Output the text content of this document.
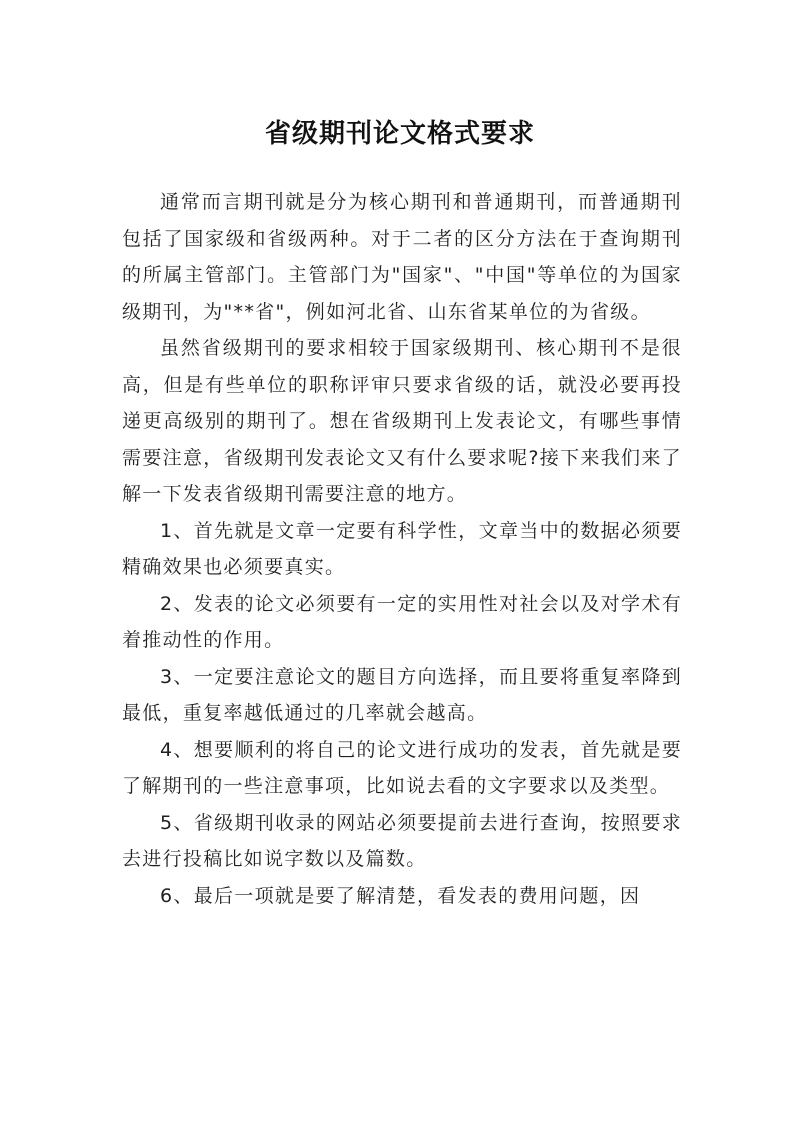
省级期刊论文格式要求

通常而言期刊就是分为核心期刊和普通期刊，而普通期刊包括了国家级和省级两种。对于二者的区分方法在于查询期刊的所属主管部门。主管部门为"国家"、"中国"等单位的为国家级期刊，为"**省"，例如河北省、山东省某单位的为省级。

虽然省级期刊的要求相较于国家级期刊、核心期刊不是很高，但是有些单位的职称评审只要求省级的话，就没必要再投递更高级别的期刊了。想在省级期刊上发表论文，有哪些事情需要注意，省级期刊发表论文又有什么要求呢?接下来我们来了解一下发表省级期刊需要注意的地方。

1、首先就是文章一定要有科学性，文章当中的数据必须要精确效果也必须要真实。

2、发表的论文必须要有一定的实用性对社会以及对学术有着推动性的作用。

3、一定要注意论文的题目方向选择，而且要将重复率降到最低，重复率越低通过的几率就会越高。

4、想要顺利的将自己的论文进行成功的发表，首先就是要了解期刊的一些注意事项，比如说去看的文字要求以及类型。

5、省级期刊收录的网站必须要提前去进行查询，按照要求去进行投稿比如说字数以及篇数。

6、最后一项就是要了解清楚，看发表的费用问题，因
